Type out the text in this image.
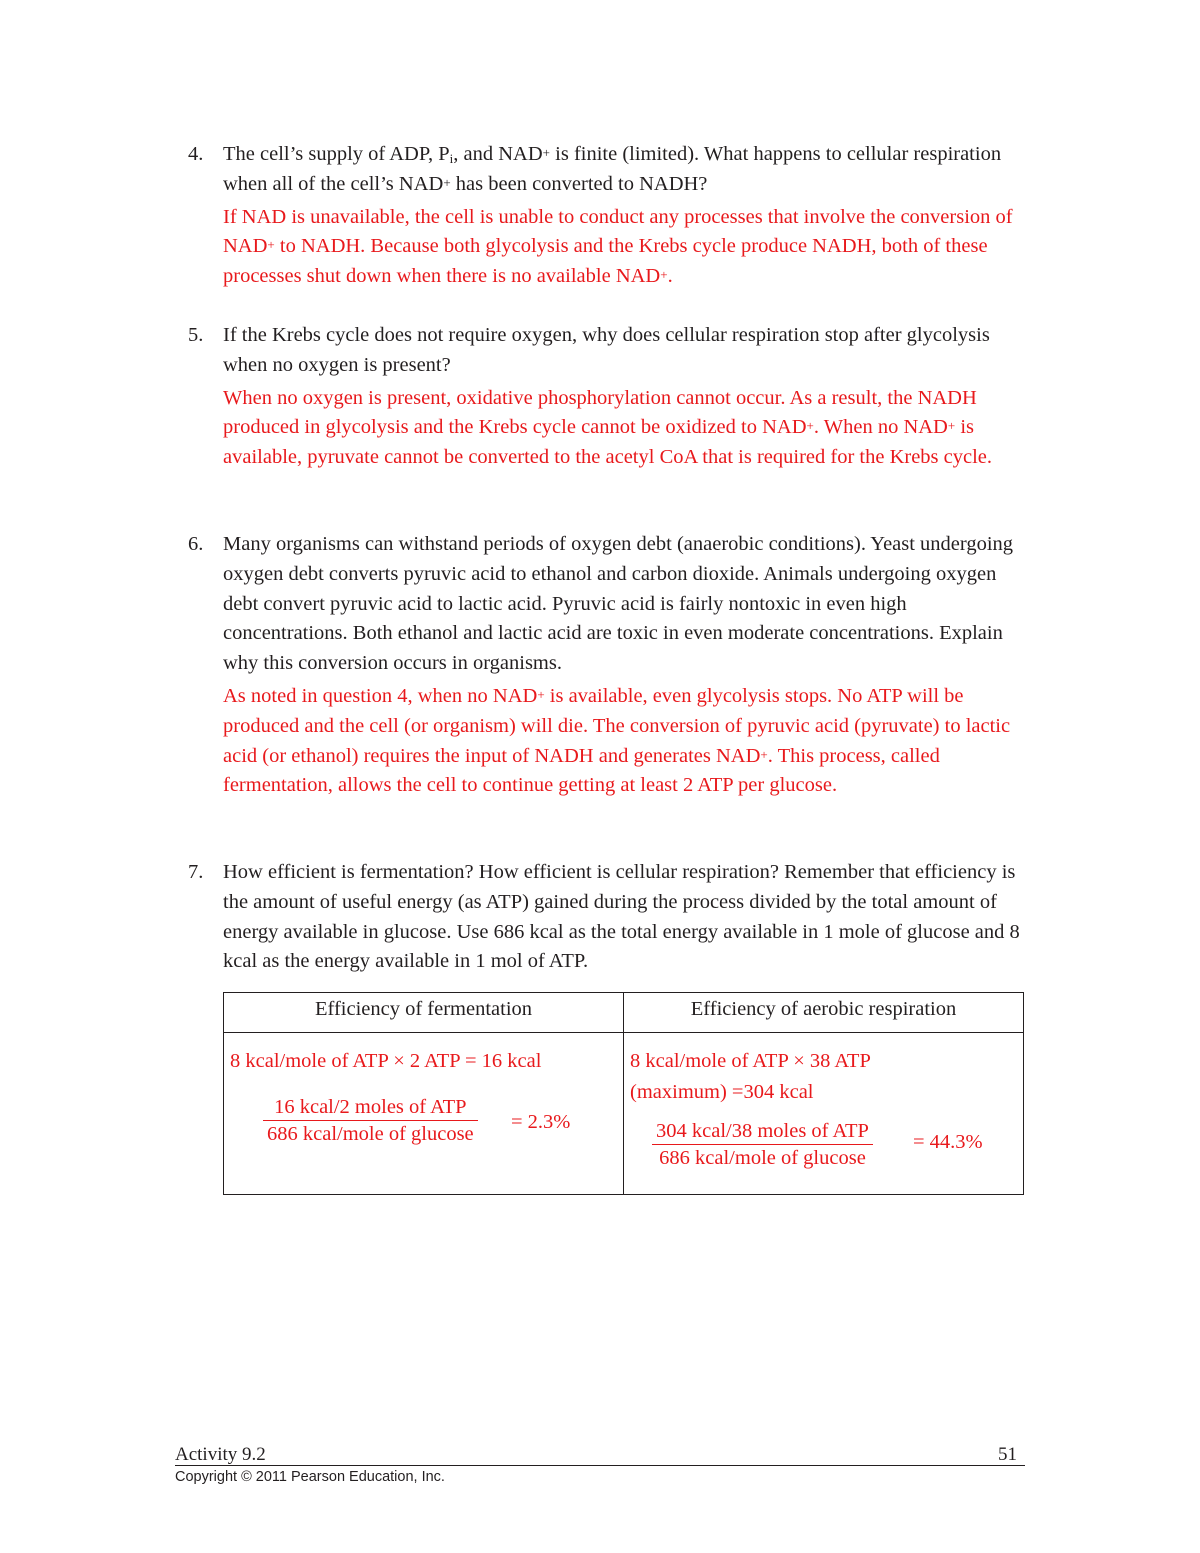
4. The cell’s supply of ADP, $P_i$, and NAD+ is finite (limited). What happens to cellular respiration when all of the cell’s NAD+ has been converted to NADH?
If NAD is unavailable, the cell is unable to conduct any processes that involve the conversion of NAD+ to NADH. Because both glycolysis and the Krebs cycle produce NADH, both of these processes shut down when there is no available NAD+.
5. If the Krebs cycle does not require oxygen, why does cellular respiration stop after glycolysis when no oxygen is present?
When no oxygen is present, oxidative phosphorylation cannot occur. As a result, the NADH produced in glycolysis and the Krebs cycle cannot be oxidized to NAD+. When no NAD+ is available, pyruvate cannot be converted to the acetyl CoA that is required for the Krebs cycle.
6. Many organisms can withstand periods of oxygen debt (anaerobic conditions). Yeast undergoing oxygen debt converts pyruvic acid to ethanol and carbon dioxide. Animals undergoing oxygen debt convert pyruvic acid to lactic acid. Pyruvic acid is fairly nontoxic in even high concentrations. Both ethanol and lactic acid are toxic in even moderate concentrations. Explain why this conversion occurs in organisms.
As noted in question 4, when no NAD+ is available, even glycolysis stops. No ATP will be produced and the cell (or organism) will die. The conversion of pyruvic acid (pyruvate) to lactic acid (or ethanol) requires the input of NADH and generates NAD+. This process, called fermentation, allows the cell to continue getting at least 2 ATP per glucose.
7. How efficient is fermentation? How efficient is cellular respiration? Remember that efficiency is the amount of useful energy (as ATP) gained during the process divided by the total amount of energy available in glucose. Use 686 kcal as the total energy available in 1 mole of glucose and 8 kcal as the energy available in 1 mol of ATP.
Efficiency of fermentation	Efficiency of aerobic respiration
8 kcal/mole of ATP × 2 ATP = 16 kcal
16 kcal/2 moles of ATP
686 kcal/mole of glucose
= 2.3%
8 kcal/mole of ATP × 38 ATP
(maximum) =304 kcal
304 kcal/38 moles of ATP
686 kcal/mole of glucose
= 44.3%
Activity 9.2	51
Copyright © 2011 Pearson Education, Inc.
